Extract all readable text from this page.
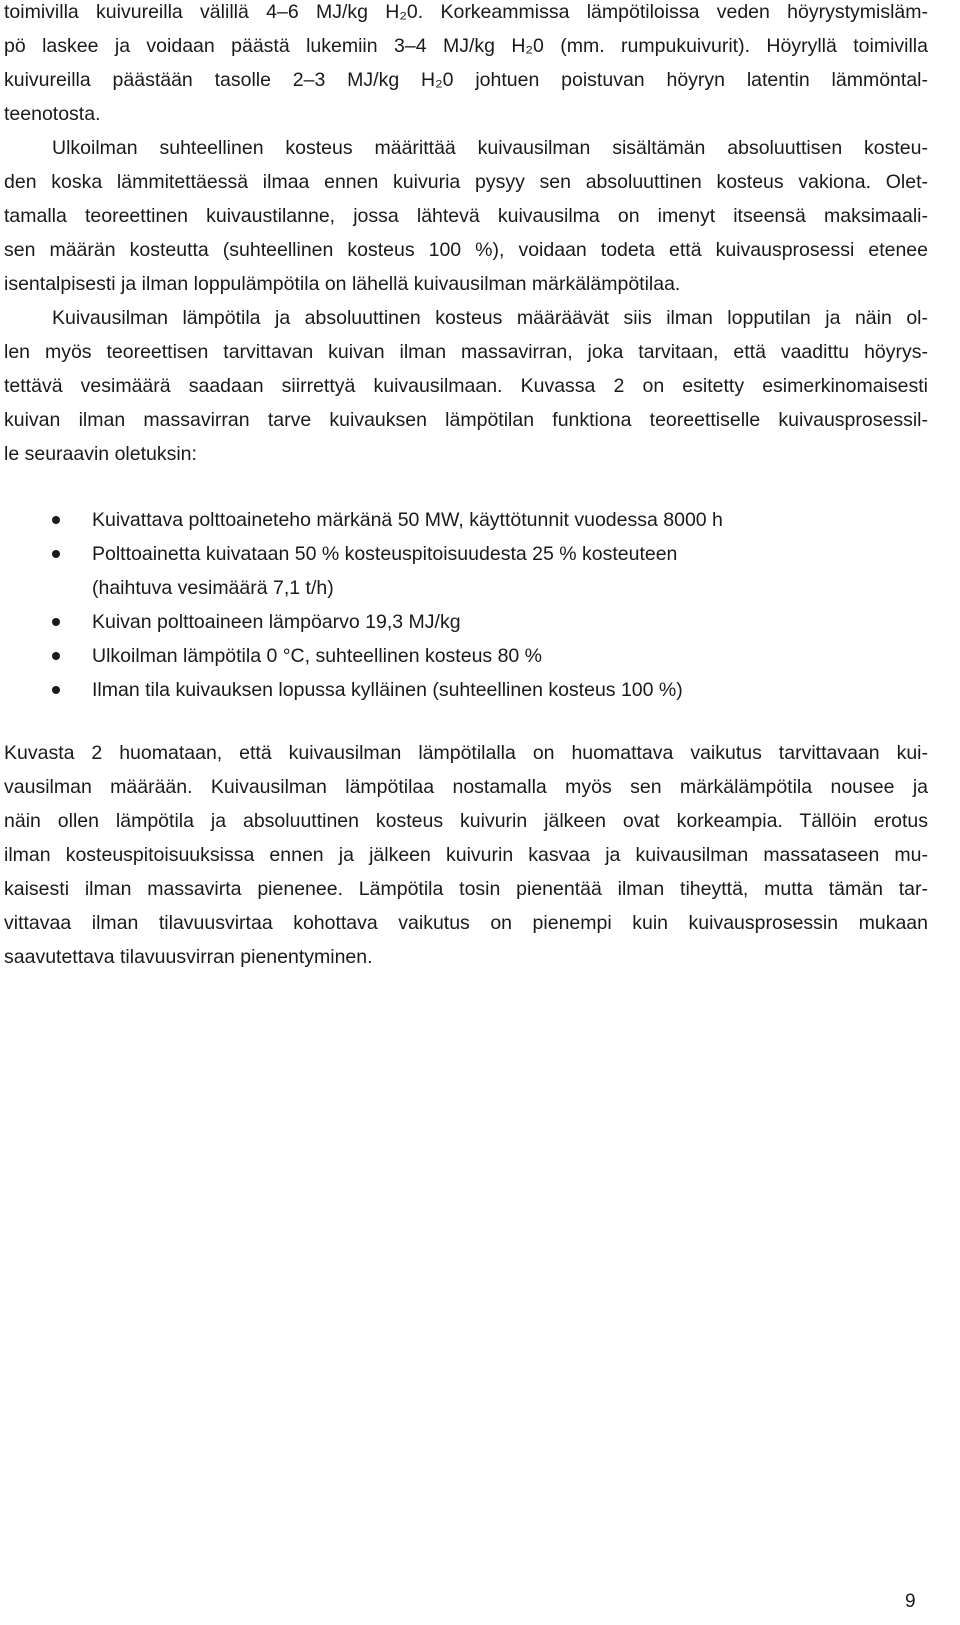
toimivilla kuivureilla välillä 4–6 MJ/kg H₂0. Korkeammissa lämpötiloissa veden höyrystymisläm-
pö laskee ja voidaan päästä lukemiin 3–4 MJ/kg H₂0 (mm. rumpukuivurit). Höyryllä toimivilla
kuivureilla päästään tasolle 2–3 MJ/kg H₂0 johtuen poistuvan höyryn latentin lämmöntal-
teenotosta.
Ulkoilman suhteellinen kosteus määrittää kuivausilman sisältämän absoluuttisen kosteu-
den koska lämmitettäessä ilmaa ennen kuivuria pysyy sen absoluuttinen kosteus vakiona. Olet-
tamalla teoreettinen kuivaustilanne, jossa lähtevä kuivausilma on imenyt itseensä maksimaali-
sen määrän kosteutta (suhteellinen kosteus 100 %), voidaan todeta että kuivausprosessi etenee
isentalpisesti ja ilman loppulämpötila on lähellä kuivausilman märkälämpötilaa.
Kuivausilman lämpötila ja absoluuttinen kosteus määräävät siis ilman lopputilan ja näin ol-
len myös teoreettisen tarvittavan kuivan ilman massavirran, joka tarvitaan, että vaadittu höyrys-
tettävä vesimäärä saadaan siirrettyä kuivausilmaan. Kuvassa 2 on esitetty esimerkinomaisesti
kuivan ilman massavirran tarve kuivauksen lämpötilan funktiona teoreettiselle kuivausprosessil-
le seuraavin oletuksin:
Kuivattava polttoaineteho märkänä 50 MW, käyttötunnit vuodessa 8000 h
Polttoainetta kuivataan 50 % kosteuspitoisuudesta 25 % kosteuteen
(haihtuva vesimäärä 7,1 t/h)
Kuivan polttoaineen lämpöarvo 19,3 MJ/kg
Ulkoilman lämpötila 0 °C, suhteellinen kosteus 80 %
Ilman tila kuivauksen lopussa kylläinen (suhteellinen kosteus 100 %)
Kuvasta 2 huomataan, että kuivausilman lämpötilalla on huomattava vaikutus tarvittavaan kui-
vausilman määrään. Kuivausilman lämpötilaa nostamalla myös sen märkälämpötila nousee ja
näin ollen lämpötila ja absoluuttinen kosteus kuivurin jälkeen ovat korkeampia. Tällöin erotus
ilman kosteuspitoisuuksissa ennen ja jälkeen kuivurin kasvaa ja kuivausilman massataseen mu-
kaisesti ilman massavirta pienenee. Lämpötila tosin pienentää ilman tiheyttä, mutta tämän tar-
vittavaa ilman tilavuusvirtaa kohottava vaikutus on pienempi kuin kuivausprosessin mukaan
saavutettava tilavuusvirran pienentyminen.
9
